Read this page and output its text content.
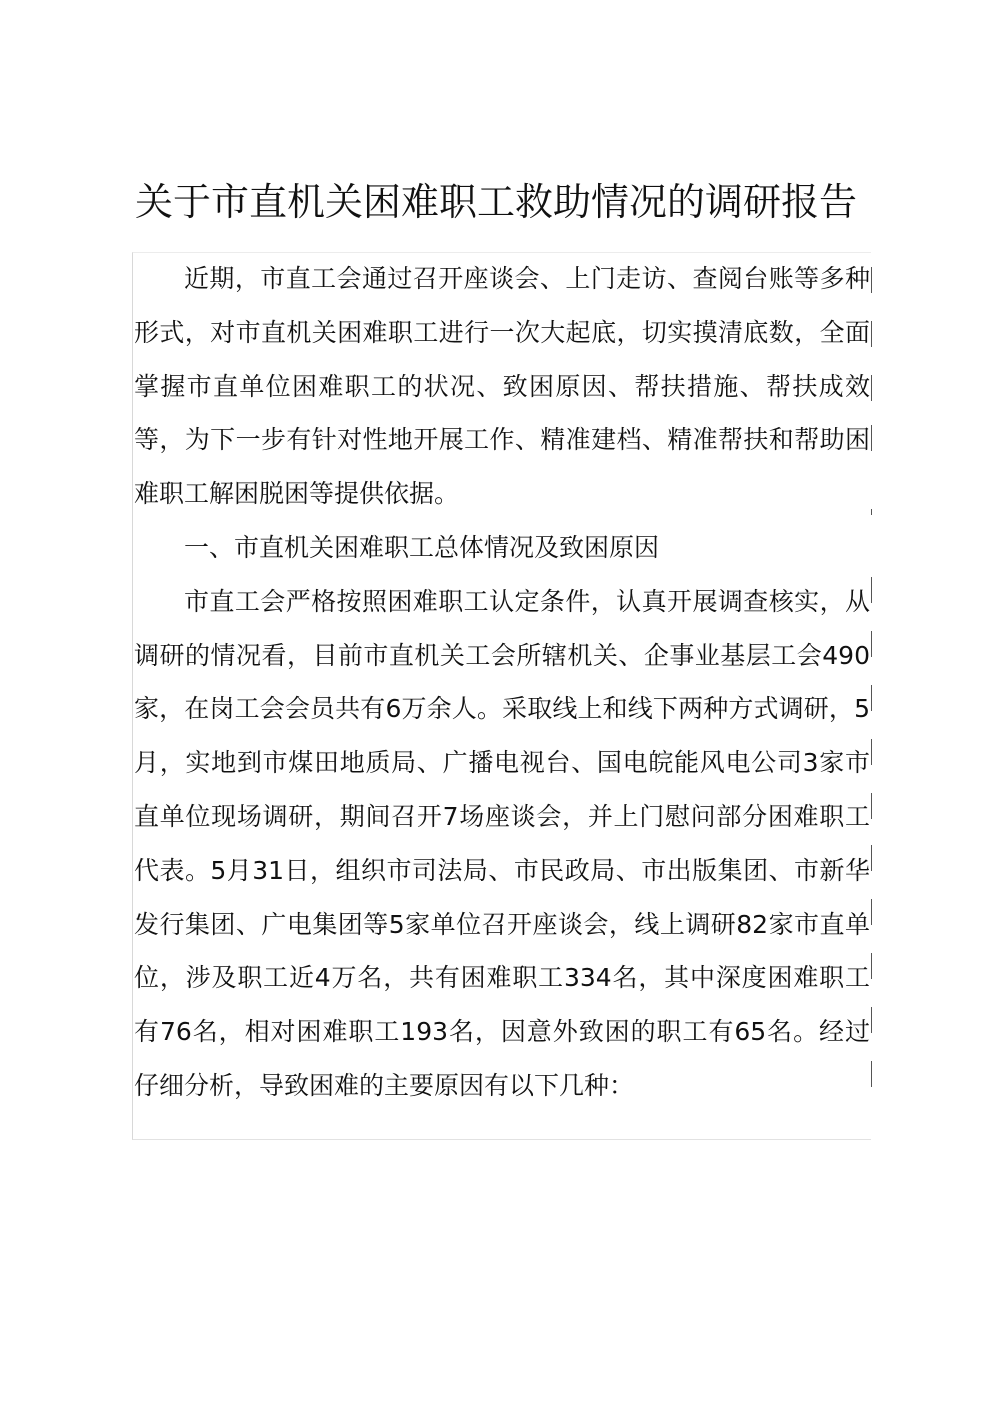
关于市直机关困难职工救助情况的调研报告

近期，市直工会通过召开座谈会、上门走访、查阅台账等多种形式，对市直机关困难职工进行一次大起底，切实摸清底数，全面掌握市直单位困难职工的状况、致困原因、帮扶措施、帮扶成效等，为下一步有针对性地开展工作、精准建档、精准帮扶和帮助困难职工解困脱困等提供依据。

一、市直机关困难职工总体情况及致困原因

市直工会严格按照困难职工认定条件，认真开展调查核实，从调研的情况看，目前市直机关工会所辖机关、企事业基层工会490家，在岗工会会员共有6万余人。采取线上和线下两种方式调研，5月，实地到市煤田地质局、广播电视台、国电皖能风电公司3家市直单位现场调研，期间召开7场座谈会，并上门慰问部分困难职工代表。5月31日，组织市司法局、市民政局、市出版集团、市新华发行集团、广电集团等5家单位召开座谈会，线上调研82家市直单位，涉及职工近4万名，共有困难职工334名，其中深度困难职工有76名，相对困难职工193名，因意外致困的职工有65名。经过仔细分析，导致困难的主要原因有以下几种：
